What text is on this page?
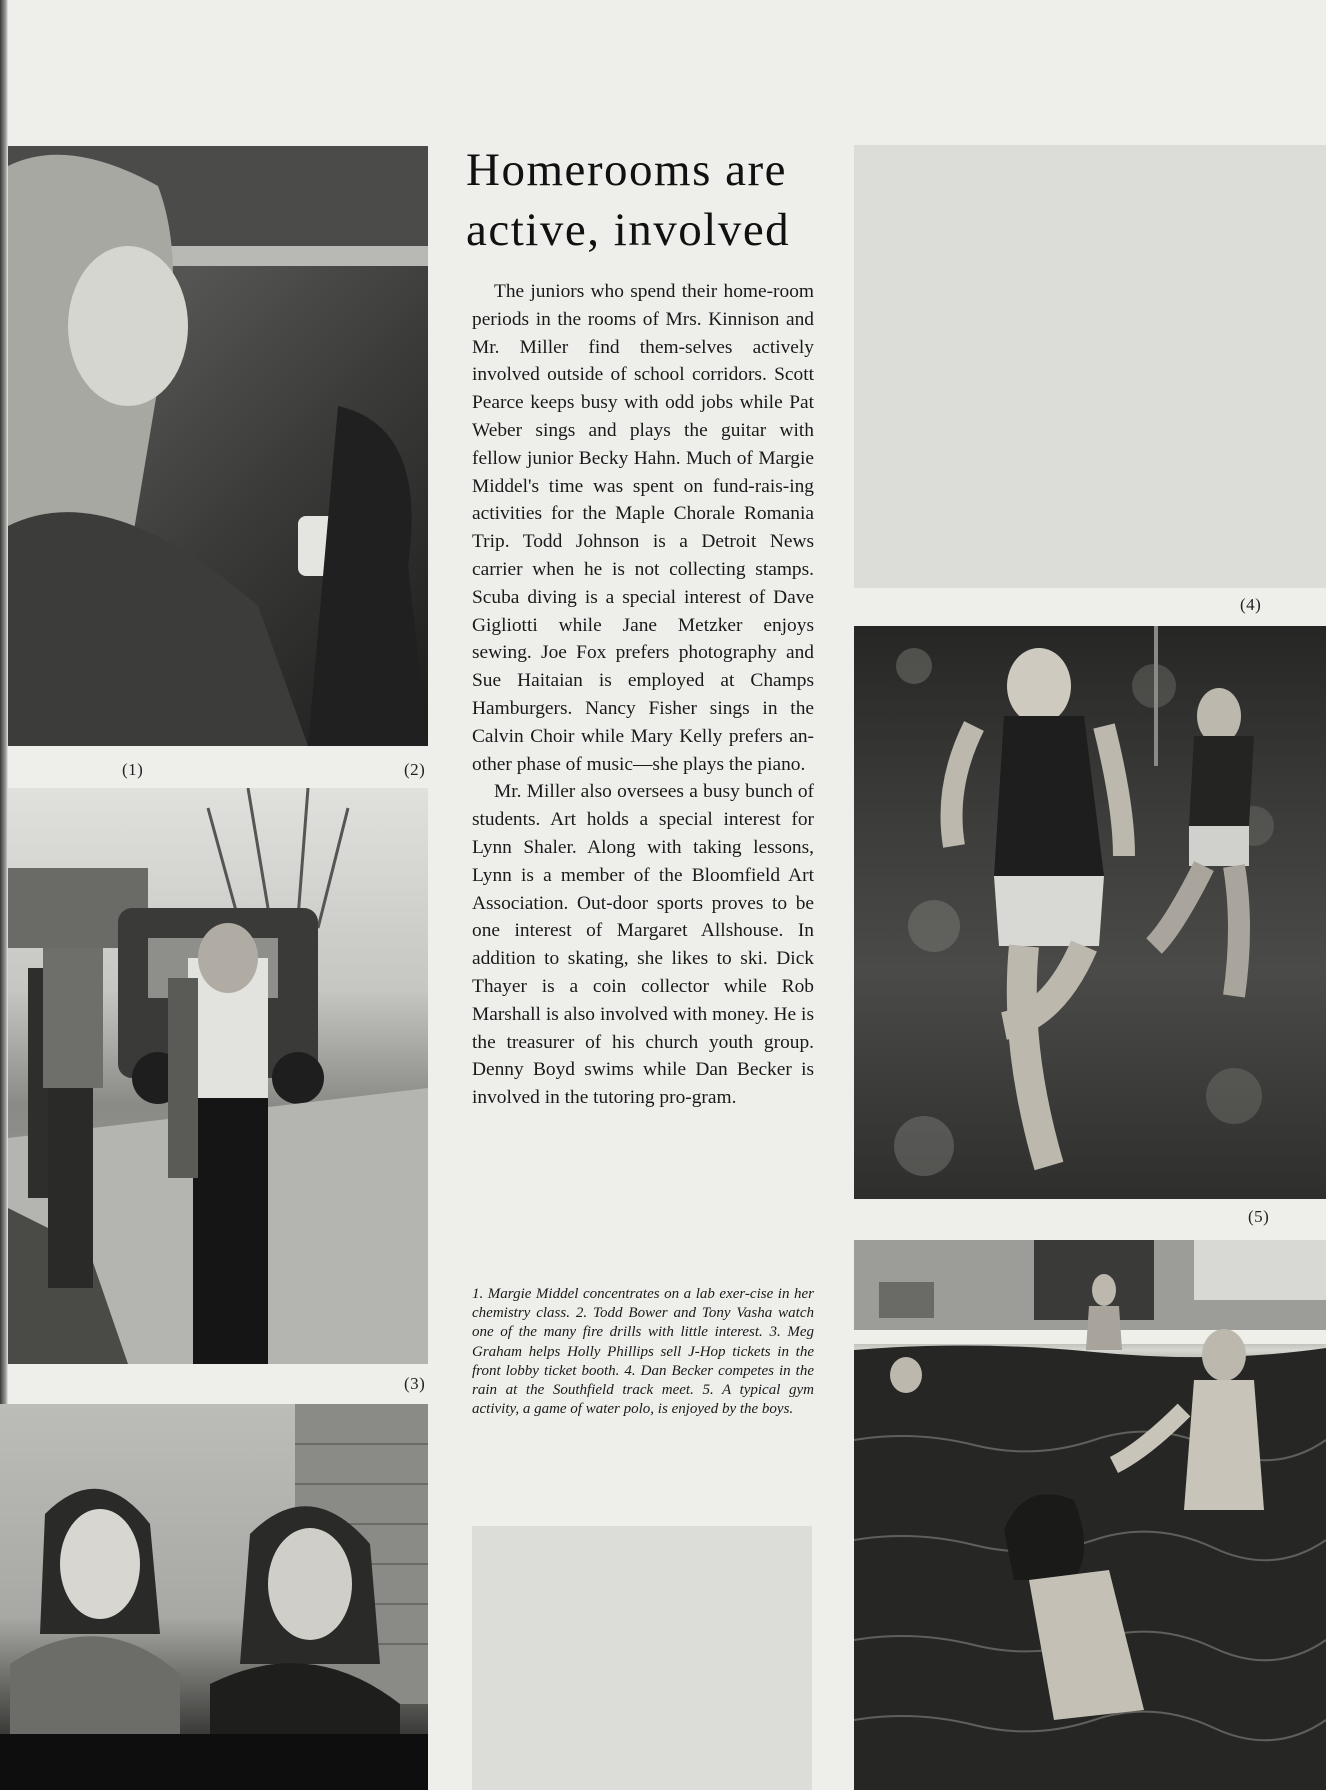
(1)	(2)
(3)
Homerooms are
active, involved

The juniors who spend their home-room periods in the rooms of Mrs. Kinnison and Mr. Miller find them-selves actively involved outside of school corridors. Scott Pearce keeps busy with odd jobs while Pat Weber sings and plays the guitar with fellow junior Becky Hahn. Much of Margie Middel's time was spent on fund-rais-ing activities for the Maple Chorale Romania Trip. Todd Johnson is a Detroit News carrier when he is not collecting stamps. Scuba diving is a special interest of Dave Gigliotti while Jane Metzker enjoys sewing. Joe Fox prefers photography and Sue Haitaian is employed at Champs Hamburgers. Nancy Fisher sings in the Calvin Choir while Mary Kelly prefers an-other phase of music—she plays the piano.

Mr. Miller also oversees a busy bunch of students. Art holds a special interest for Lynn Shaler. Along with taking lessons, Lynn is a member of the Bloomfield Art Association. Out-door sports proves to be one interest of Margaret Allshouse. In addition to skating, she likes to ski. Dick Thayer is a coin collector while Rob Marshall is also involved with money. He is the treasurer of his church youth group. Denny Boyd swims while Dan Becker is involved in the tutoring pro-gram.

1. Margie Middel concentrates on a lab exer-cise in her chemistry class. 2. Todd Bower and Tony Vasha watch one of the many fire drills with little interest. 3. Meg Graham helps Holly Phillips sell J-Hop tickets in the front lobby ticket booth. 4. Dan Becker competes in the rain at the Southfield track meet. 5. A typical gym activity, a game of water polo, is enjoyed by the boys.
(4)
(5)
